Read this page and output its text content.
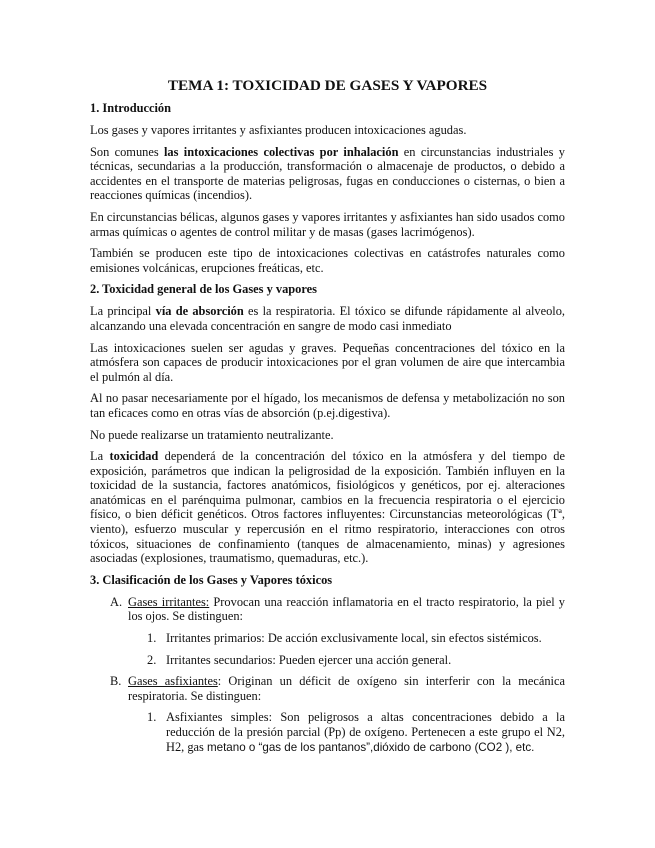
TEMA 1: TOXICIDAD DE GASES Y VAPORES
1. Introducción

Los gases y vapores irritantes y asfixiantes producen intoxicaciones agudas.

Son comunes las intoxicaciones colectivas por inhalación en circunstancias industriales y técnicas, secundarias a la producción, transformación o almacenaje de productos, o debido a accidentes en el transporte de materias peligrosas, fugas en conducciones o cisternas, o bien a reacciones químicas (incendios).

En circunstancias bélicas, algunos gases y vapores irritantes y asfixiantes han sido usados como armas químicas o agentes de control militar y de masas (gases lacrimógenos).

También se producen este tipo de intoxicaciones colectivas en catástrofes naturales como emisiones volcánicas, erupciones freáticas, etc.

2. Toxicidad general de los Gases y vapores

La principal vía de absorción es la respiratoria. El tóxico se difunde rápidamente al alveolo, alcanzando una elevada concentración en sangre de modo casi inmediato

Las intoxicaciones suelen ser agudas y graves. Pequeñas concentraciones del tóxico en la atmósfera son capaces de producir intoxicaciones por el gran volumen de aire que intercambia el pulmón al día.

Al no pasar necesariamente por el hígado, los mecanismos de defensa y metabolización no son tan eficaces como en otras vías de absorción (p.ej.digestiva).

No puede realizarse un tratamiento neutralizante.

La toxicidad dependerá de la concentración del tóxico en la atmósfera y del tiempo de exposición, parámetros que indican la peligrosidad de la exposición. También influyen en la toxicidad de la sustancia, factores anatómicos, fisiológicos y genéticos, por ej. alteraciones anatómicas en el parénquima pulmonar, cambios en la frecuencia respiratoria o el ejercicio físico, o bien déficit genéticos. Otros factores influyentes: Circunstancias meteorológicas (Tª, viento), esfuerzo muscular y repercusión en el ritmo respiratorio, interacciones con otros tóxicos, situaciones de confinamiento (tanques de almacenamiento, minas) y agresiones asociadas (explosiones, traumatismo, quemaduras, etc.).

3. Clasificación de los Gases y Vapores tóxicos
A. Gases irritantes: Provocan una reacción inflamatoria en el tracto respiratorio, la piel y los ojos. Se distinguen:

1. Irritantes primarios: De acción exclusivamente local, sin efectos sistémicos.

2. Irritantes secundarios: Pueden ejercer una acción general.

B. Gases asfixiantes: Originan un déficit de oxígeno sin interferir con la mecánica respiratoria. Se distinguen:

1. Asfixiantes simples: Son peligrosos a altas concentraciones debido a la reducción de la presión parcial (Pp) de oxígeno. Pertenecen a este grupo el N2, H2, gas metano o “gas de los pantanos”,dióxido de carbono (CO2 ), etc.
